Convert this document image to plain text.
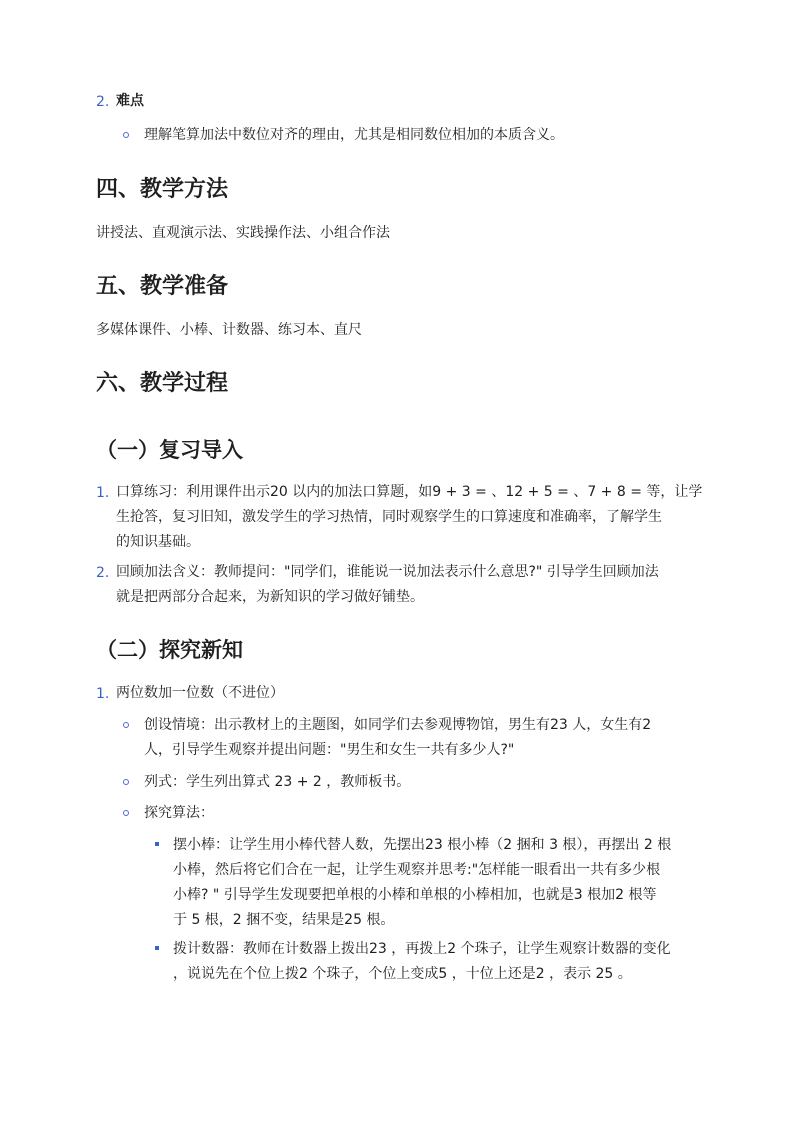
2. 难点
理解笔算加法中数位对齐的理由，尤其是相同数位相加的本质含义。
四、教学方法
讲授法、直观演示法、实践操作法、小组合作法
五、教学准备
多媒体课件、小棒、计数器、练习本、直尺
六、教学过程
（一）复习导入
1. 口算练习：利用课件出示20 以内的加法口算题，如9 + 3 = 、12 + 5 = 、7 + 8 = 等，让学
生抢答，复习旧知，激发学生的学习热情，同时观察学生的口算速度和准确率，了解学生
的知识基础。
2. 回顾加法含义：教师提问："同学们，谁能说一说加法表示什么意思?" 引导学生回顾加法
就是把两部分合起来，为新知识的学习做好铺垫。
（二）探究新知
1. 两位数加一位数（不进位）
创设情境：出示教材上的主题图，如同学们去参观博物馆，男生有23 人，女生有2
人，引导学生观察并提出问题："男生和女生一共有多少人?"
列式：学生列出算式 23 + 2 ，教师板书。
探究算法：
摆小棒：让学生用小棒代替人数，先摆出23 根小棒（2 捆和 3 根），再摆出 2 根
小棒，然后将它们合在一起，让学生观察并思考:"怎样能一眼看出一共有多少根
小棒? " 引导学生发现要把单根的小棒和单根的小棒相加，也就是3 根加2 根等
于 5 根，2 捆不变，结果是25 根。
拨计数器：教师在计数器上拨出23 ，再拨上2 个珠子，让学生观察计数器的变化
，说说先在个位上拨2 个珠子，个位上变成5 ，十位上还是2 ，表示 25 。
